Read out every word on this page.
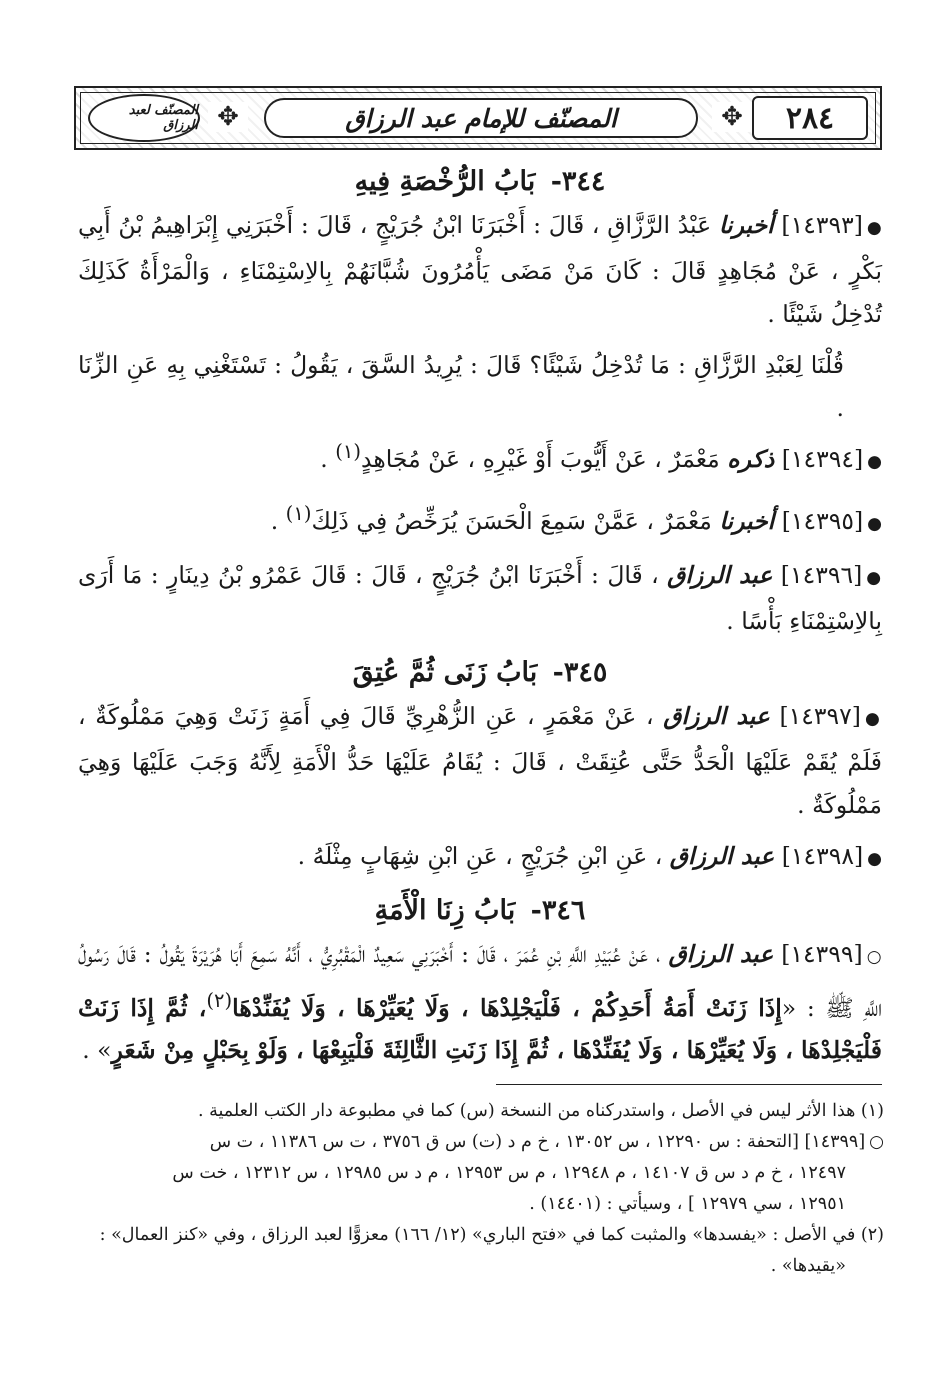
المصنّف لعبد الرزاق ✥	المصنّف للإمام عبد الرزاق	✥	٢٨٤

٣٤٤- بَابُ الرُّخْصَةِ فِيهِ

●[١٤٣٩٣] أخبرنا عَبْدُ الرَّزَّاقِ ، قَالَ : أَخْبَرَنَا ابْنُ جُرَيْجٍ ، قَالَ : أَخْبَرَنِي إِبْرَاهِيمُ بْنُ أَبِي بَكْرٍ ، عَنْ مُجَاهِدٍ قَالَ : كَانَ مَنْ مَضَى يَأْمُرُونَ شُبَّانَهُمْ بِالاِسْتِمْنَاءِ ، وَالْمَرْأَةُ كَذَلِكَ تُدْخِلُ شَيْئًا .

قُلْنَا لِعَبْدِ الرَّزَّاقِ : مَا تُدْخِلُ شَيْئًا؟ قَالَ : يُرِيدُ السَّقَ ، يَقُولُ : تَسْتَغْنِي بِهِ عَنِ الزِّنَا .

●[١٤٣٩٤] ذكره مَعْمَرٌ ، عَنْ أَيُّوبَ أَوْ غَيْرِهِ ، عَنْ مُجَاهِدٍ$^{(١)}$ .

●[١٤٣٩٥] أخبرنا مَعْمَرٌ ، عَمَّنْ سَمِعَ الْحَسَنَ يُرَخِّصُ فِي ذَلِكَ$^{(١)}$ .

●[١٤٣٩٦] عبد الرزاق ، قَالَ : أَخْبَرَنَا ابْنُ جُرَيْجٍ ، قَالَ : قَالَ عَمْرُو بْنُ دِينَارٍ : مَا أَرَى بِالاِسْتِمْنَاءِ بَأْسًا .

٣٤٥- بَابُ زَنَى ثُمَّ عُتِقَ

●[١٤٣٩٧] عبد الرزاق ، عَنْ مَعْمَرٍ ، عَنِ الزُّهْرِيِّ قَالَ فِي أَمَةٍ زَنَتْ وَهِيَ مَمْلُوكَةٌ ، فَلَمْ يُقَمْ عَلَيْهَا الْحَدُّ حَتَّى عُتِقَتْ ، قَالَ : يُقَامُ عَلَيْهَا حَدُّ الْأَمَةِ لِأَنَّهُ وَجَبَ عَلَيْهَا وَهِيَ مَمْلُوكَةٌ .

●[١٤٣٩٨] عبد الرزاق ، عَنِ ابْنِ جُرَيْجٍ ، عَنِ ابْنِ شِهَابٍ مِثْلَهُ .

٣٤٦- بَابُ زِنَا الْأَمَةِ

○[١٤٣٩٩] عبد الرزاق ، عَنْ عُبَيْدِ اللَّهِ بْنِ عُمَرَ ، قَالَ : أَخْبَرَنِي سَعِيدٌ الْمَقْبُرِيُّ ، أَنَّهُ سَمِعَ أَبَا هُرَيْرَةَ يَقُولُ : قَالَ رَسُولُ اللَّهِ ﷺ : «إِذَا زَنَتْ أَمَةُ أَحَدِكُمْ ، فَلْيَجْلِدْهَا ، وَلَا يُعَيِّرْهَا ، وَلَا يُفَنِّدْهَا$^{(٢)}$، ثُمَّ إِذَا زَنَتْ فَلْيَجْلِدْهَا ، وَلَا يُعَيِّرْهَا ، وَلَا يُفَنِّدْهَا ، ثُمَّ إِذَا زَنَتِ الثَّالِثَةَ فَلْيَبِعْهَا ، وَلَوْ بِحَبْلٍ مِنْ شَعَرٍ» .

(١) هذا الأثر ليس في الأصل ، واستدركناه من النسخة (س) كما في مطبوعة دار الكتب العلمية .

○[١٤٣٩٩] [التحفة : س ١٢٢٩٠ ، س ١٣٠٥٢ ، خ م د (ت) س ق ٣٧٥٦ ، ت س ١١٣٨٦ ، ت س

١٢٤٩٧ ، خ م د س ق ١٤١٠٧ ، م ١٢٩٤٨ ، م س ١٢٩٥٣ ، م د س ١٢٩٨٥ ، س ١٢٣١٢ ، خت س

١٢٩٥١ ، سي ١٢٩٧٩ ] ، وسيأتي : (١٤٤٠١) .

(٢) في الأصل : «يفسدها» والمثبت كما في «فتح الباري» (١٢/ ١٦٦) معزوًّا لعبد الرزاق ، وفي «كنز العمال» :

«يقيدها» .
